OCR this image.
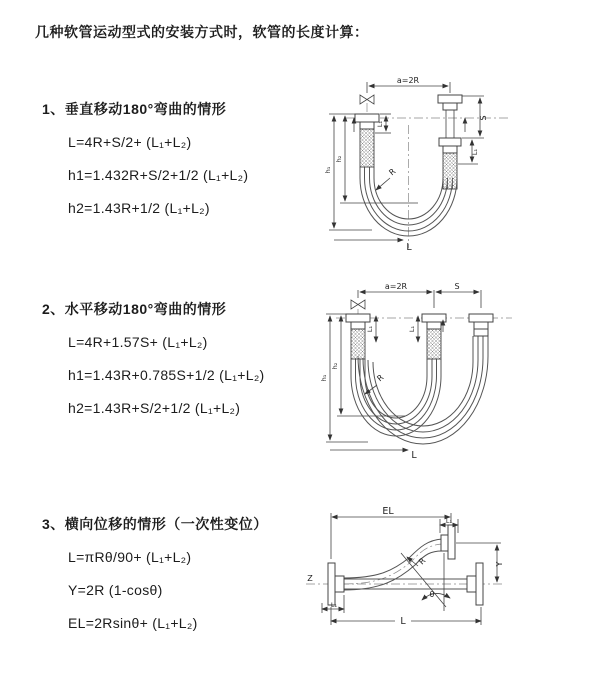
几种软管运动型式的安装方式时，软管的长度计算：
1、垂直移动180°弯曲的情形
L=4R+S/2+ (L₁+L₂)
h1=1.432R+S/2+1/2 (L₁+L₂)
h2=1.43R+1/2 (L₁+L₂)
2、水平移动180°弯曲的情形
L=4R+1.57S+ (L₁+L₂)
h1=1.43R+0.785S+1/2 (L₁+L₂)
h2=1.43R+S/2+1/2 (L₁+L₂)
3、横向位移的情形（一次性变位）
L=πRθ/90+ (L₁+L₂)
Y=2R (1-cosθ)
EL=2Rsinθ+ (L₁+L₂)
a=2R
S
L₁
L₁
h₁
h₂
R
L
a=2R	S
L₁	L₁
h₁
h₂
R
L
EL
L₁
Y
R
θ
L
L₁
Z
